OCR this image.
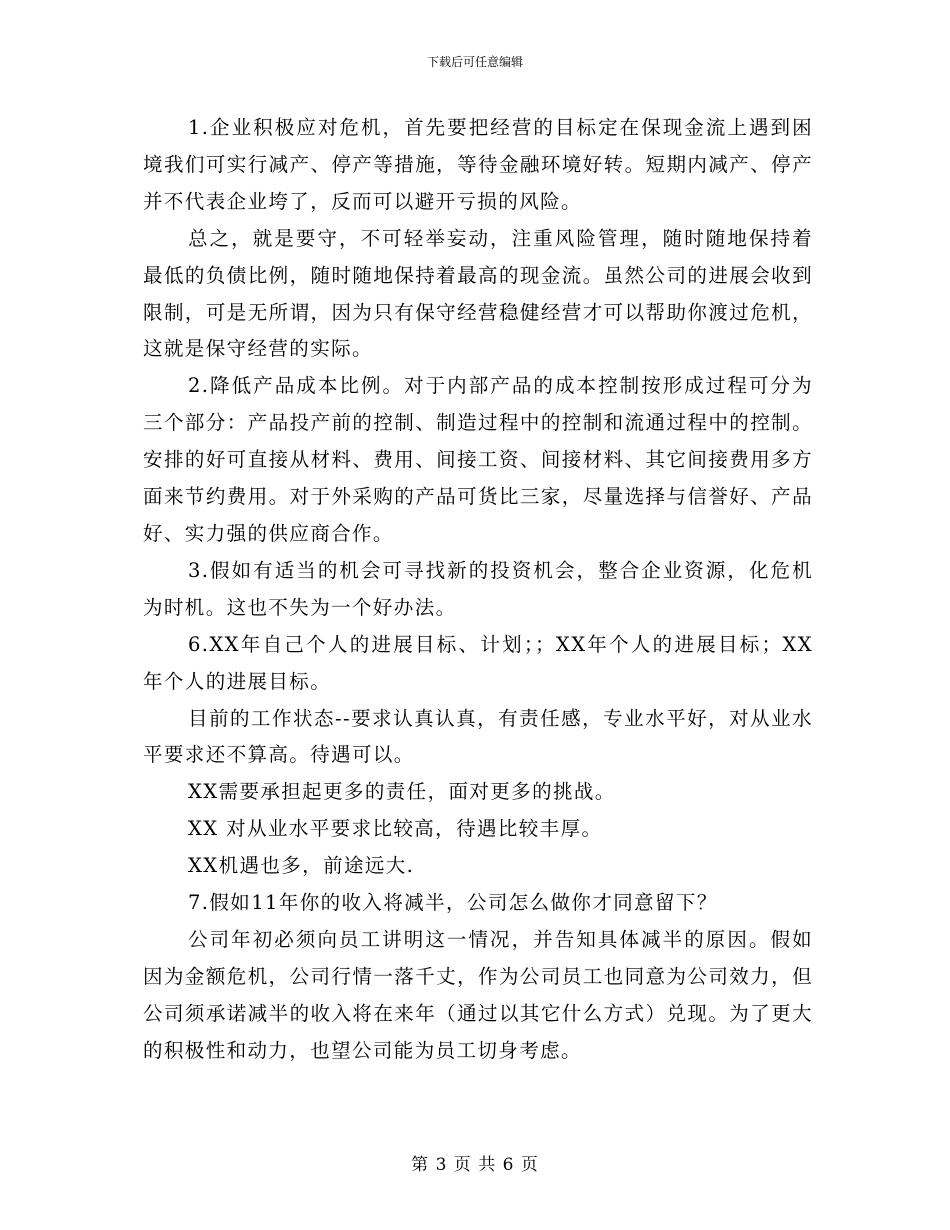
下载后可任意编辑

1.企业积极应对危机，首先要把经营的目标定在保现金流上遇到困境我们可实行减产、停产等措施，等待金融环境好转。短期内减产、停产并不代表企业垮了，反而可以避开亏损的风险。

总之，就是要守，不可轻举妄动，注重风险管理，随时随地保持着最低的负债比例，随时随地保持着最高的现金流。虽然公司的进展会收到限制，可是无所谓，因为只有保守经营稳健经营才可以帮助你渡过危机，这就是保守经营的实际。

2.降低产品成本比例。对于内部产品的成本控制按形成过程可分为三个部分：产品投产前的控制、制造过程中的控制和流通过程中的控制。安排的好可直接从材料、费用、间接工资、间接材料、其它间接费用多方面来节约费用。对于外采购的产品可货比三家，尽量选择与信誉好、产品好、实力强的供应商合作。

3.假如有适当的机会可寻找新的投资机会，整合企业资源，化危机为时机。这也不失为一个好办法。

6.XX年自己个人的进展目标、计划；；XX年个人的进展目标；XX年个人的进展目标。

目前的工作状态--要求认真认真，有责任感，专业水平好，对从业水平要求还不算高。待遇可以。

XX需要承担起更多的责任，面对更多的挑战。

XX 对从业水平要求比较高，待遇比较丰厚。

XX机遇也多，前途远大.

7.假如11年你的收入将减半，公司怎么做你才同意留下？

公司年初必须向员工讲明这一情况，并告知具体减半的原因。假如因为金额危机，公司行情一落千丈，作为公司员工也同意为公司效力，但公司须承诺减半的收入将在来年（通过以其它什么方式）兑现。为了更大的积极性和动力，也望公司能为员工切身考虑。

第 3 页 共 6 页
